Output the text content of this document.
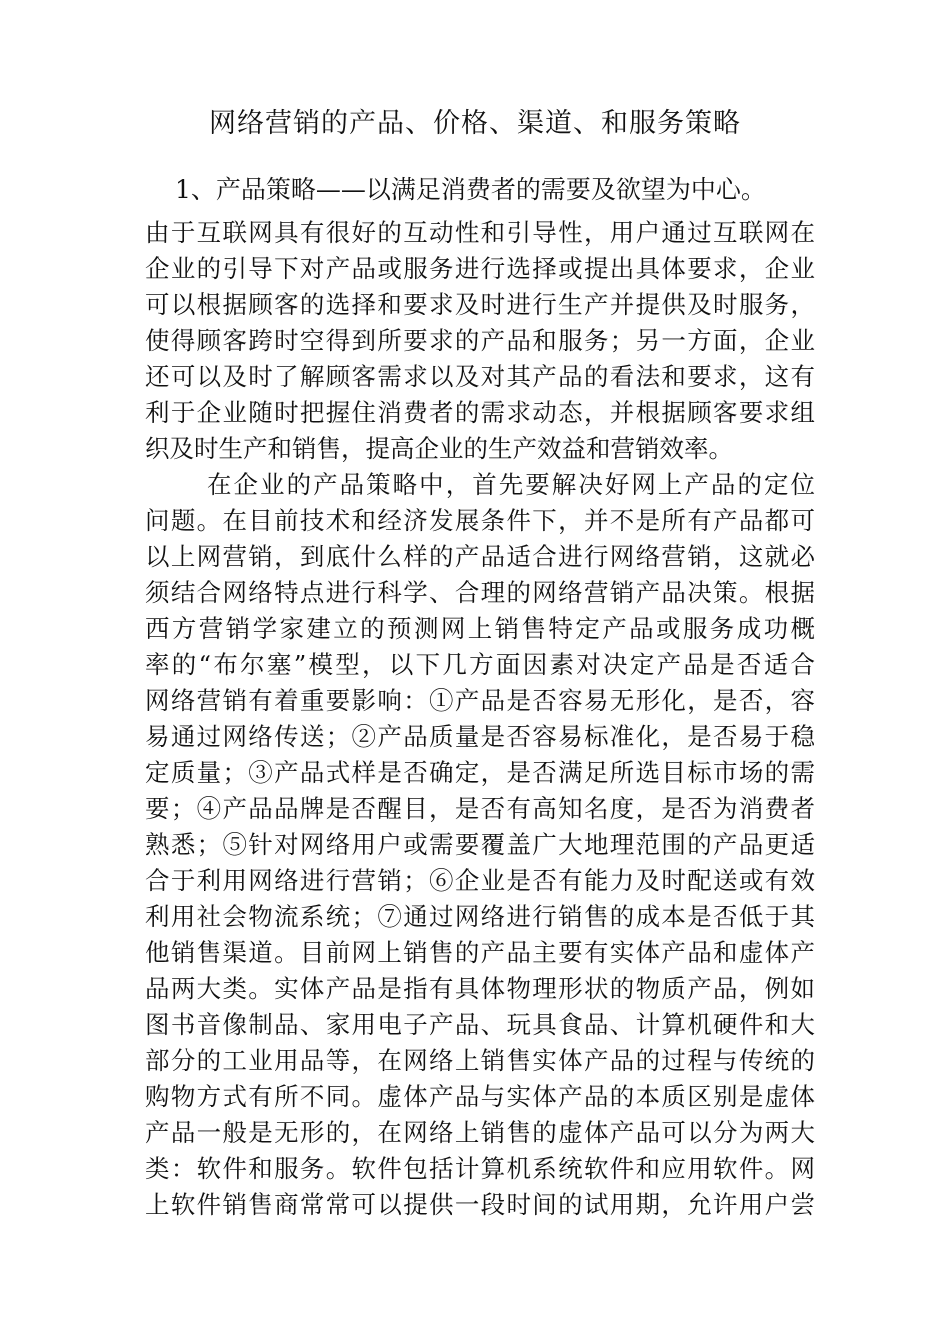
网络营销的产品、价格、渠道、和服务策略

1、产品策略——以满足消费者的需要及欲望为中心。

由于互联网具有很好的互动性和引导性，用户通过互联网在
企业的引导下对产品或服务进行选择或提出具体要求，企业
可以根据顾客的选择和要求及时进行生产并提供及时服务，
使得顾客跨时空得到所要求的产品和服务；另一方面，企业
还可以及时了解顾客需求以及对其产品的看法和要求，这有
利于企业随时把握住消费者的需求动态，并根据顾客要求组
织及时生产和销售，提高企业的生产效益和营销效率。
在企业的产品策略中，首先要解决好网上产品的定位
问题。在目前技术和经济发展条件下，并不是所有产品都可
以上网营销，到底什么样的产品适合进行网络营销，这就必
须结合网络特点进行科学、合理的网络营销产品决策。根据
西方营销学家建立的预测网上销售特定产品或服务成功概
率的“布尔塞”模型，以下几方面因素对决定产品是否适合
网络营销有着重要影响：①产品是否容易无形化，是否，容
易通过网络传送；②产品质量是否容易标准化，是否易于稳
定质量；③产品式样是否确定，是否满足所选目标市场的需
要；④产品品牌是否醒目，是否有高知名度，是否为消费者
熟悉；⑤针对网络用户或需要覆盖广大地理范围的产品更适
合于利用网络进行营销；⑥企业是否有能力及时配送或有效
利用社会物流系统；⑦通过网络进行销售的成本是否低于其
他销售渠道。目前网上销售的产品主要有实体产品和虚体产
品两大类。实体产品是指有具体物理形状的物质产品，例如
图书音像制品、家用电子产品、玩具食品、计算机硬件和大
部分的工业用品等，在网络上销售实体产品的过程与传统的
购物方式有所不同。虚体产品与实体产品的本质区别是虚体
产品一般是无形的，在网络上销售的虚体产品可以分为两大
类：软件和服务。软件包括计算机系统软件和应用软件。网
上软件销售商常常可以提供一段时间的试用期，允许用户尝
